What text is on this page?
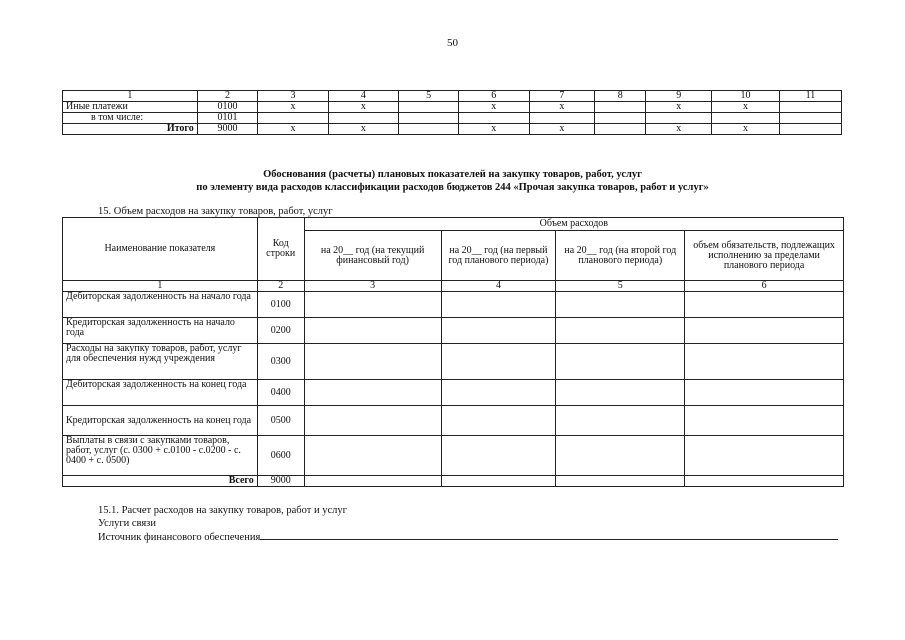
50
1	2	3	4	5	6	7	8	9	10	11
Иные платежи	0100	x	x		x	x		x	x	
в том числе:	0101									
Итого	9000	x	x		x	x		x	x	
Обоснования (расчеты) плановых показателей на закупку товаров, работ, услуг
по элементу вида расходов классификации расходов бюджетов 244 «Прочая закупка товаров, работ и услуг»
15. Объем расходов на закупку товаров, работ, услуг
Наименование показателя	Код строки	Объем расходов			
		на 20__ год (на текущий финансовый год)	на 20__ год (на первый год планового периода)	на 20__ год (на второй год планового периода)	объем обязательств, подлежащих исполнению за пределами планового периода
1	2	3	4	5	6
Дебиторская задолженность на начало года	0100				
Кредиторская задолженность на начало года	0200				
Расходы на закупку товаров, работ, услуг для обеспечения нужд учреждения	0300				
Дебиторская задолженность на конец года	0400				
Кредиторская задолженность на конец года	0500				
Выплаты в связи с закупками товаров, работ, услуг (с. 0300 + с.0100 - с.0200 - с. 0400 + с. 0500)	0600				
Всего	9000				
15.1. Расчет расходов на закупку товаров, работ и услуг
Услуги связи
Источник финансового обеспечения
